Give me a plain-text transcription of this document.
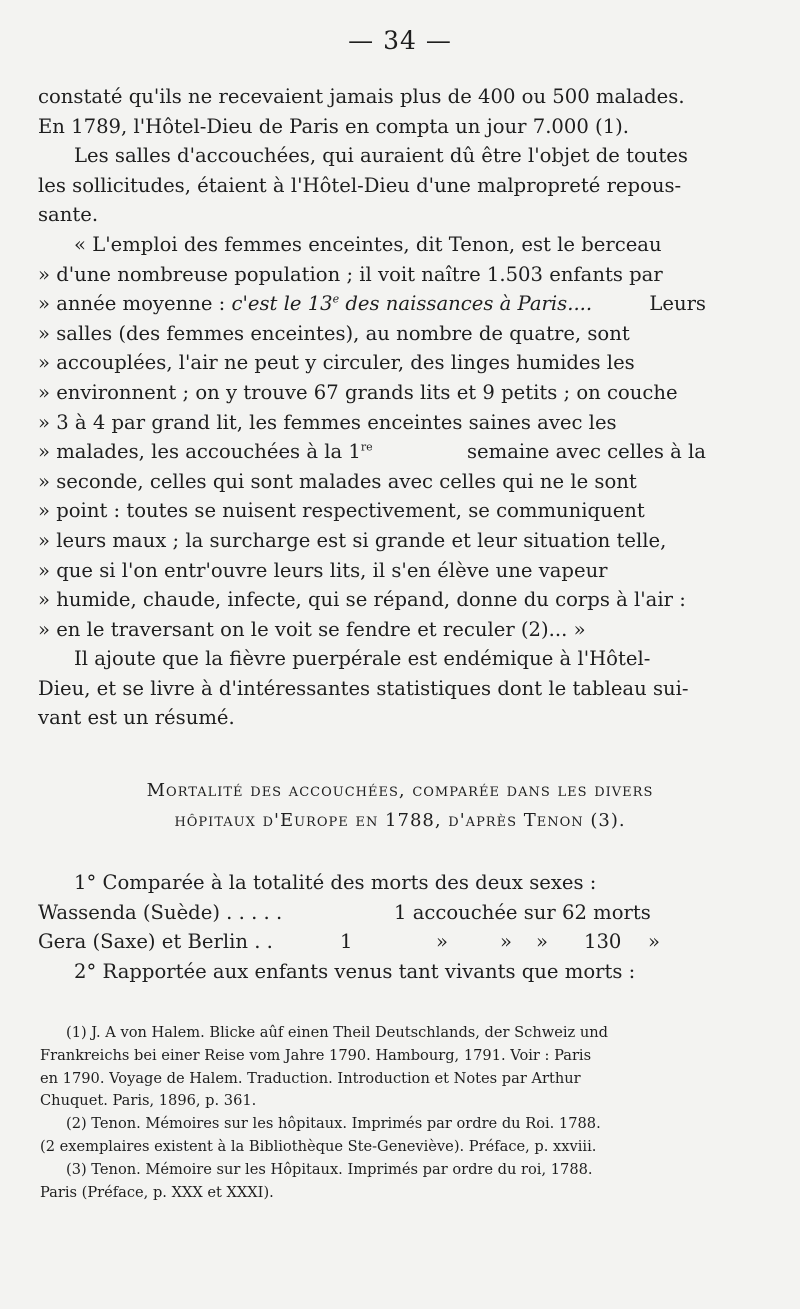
— 34 —
constaté qu'ils ne recevaient jamais plus de 400 ou 500 malades.
En 1789, l'Hôtel-Dieu de Paris en compta un jour 7.000 (1).
Les salles d'accouchées, qui auraient dû être l'objet de toutes
les sollicitudes, étaient à l'Hôtel-Dieu d'une malpropreté repous-
sante.
« L'emploi des femmes enceintes, dit Tenon, est le berceau
» d'une nombreuse population ; il voit naître 1.503 enfants par
» année moyenne : c'est le 13e des naissances à Paris....	Leurs
» salles (des femmes enceintes), au nombre de quatre, sont
» accouplées, l'air ne peut y circuler, des linges humides les
» environnent ; on y trouve 67 grands lits et 9 petits ; on couche
» 3 à 4 par grand lit, les femmes enceintes saines avec les
» malades, les accouchées à la 1re	semaine avec celles à la
» seconde, celles qui sont malades avec celles qui ne le sont
» point : toutes se nuisent respectivement, se communiquent
» leurs maux ; la surcharge est si grande et leur situation telle,
» que si l'on entr'ouvre leurs lits, il s'en élève une vapeur
» humide, chaude, infecte, qui se répand, donne du corps à l'air :
» en le traversant on le voit se fendre et reculer (2)... »
Il ajoute que la fièvre puerpérale est endémique à l'Hôtel-
Dieu, et se livre à d'intéressantes statistiques dont le tableau sui-
vant est un résumé.
Mortalité des accouchées, comparée dans les divers
hôpitaux d'Europe en 1788, d'après Tenon (3).
1° Comparée à la totalité des morts des deux sexes :
Wassenda (Suède) . . . . .	1 accouchée sur 62 morts
Gera (Saxe) et Berlin . .	1	»	» » 130 »
2° Rapportée aux enfants venus tant vivants que morts :
(1) J. A von Halem. Blicke aûf einen Theil Deutschlands, der Schweiz und
Frankreichs bei einer Reise vom Jahre 1790. Hambourg, 1791. Voir : Paris
en 1790. Voyage de Halem. Traduction. Introduction et Notes par Arthur
Chuquet. Paris, 1896, p. 361.
(2) Tenon. Mémoires sur les hôpitaux. Imprimés par ordre du Roi. 1788.
(2 exemplaires existent à la Bibliothèque Ste-Geneviève). Préface, p. xxviii.
(3) Tenon. Mémoire sur les Hôpitaux. Imprimés par ordre du roi, 1788.
Paris (Préface, p. XXX et XXXI).
